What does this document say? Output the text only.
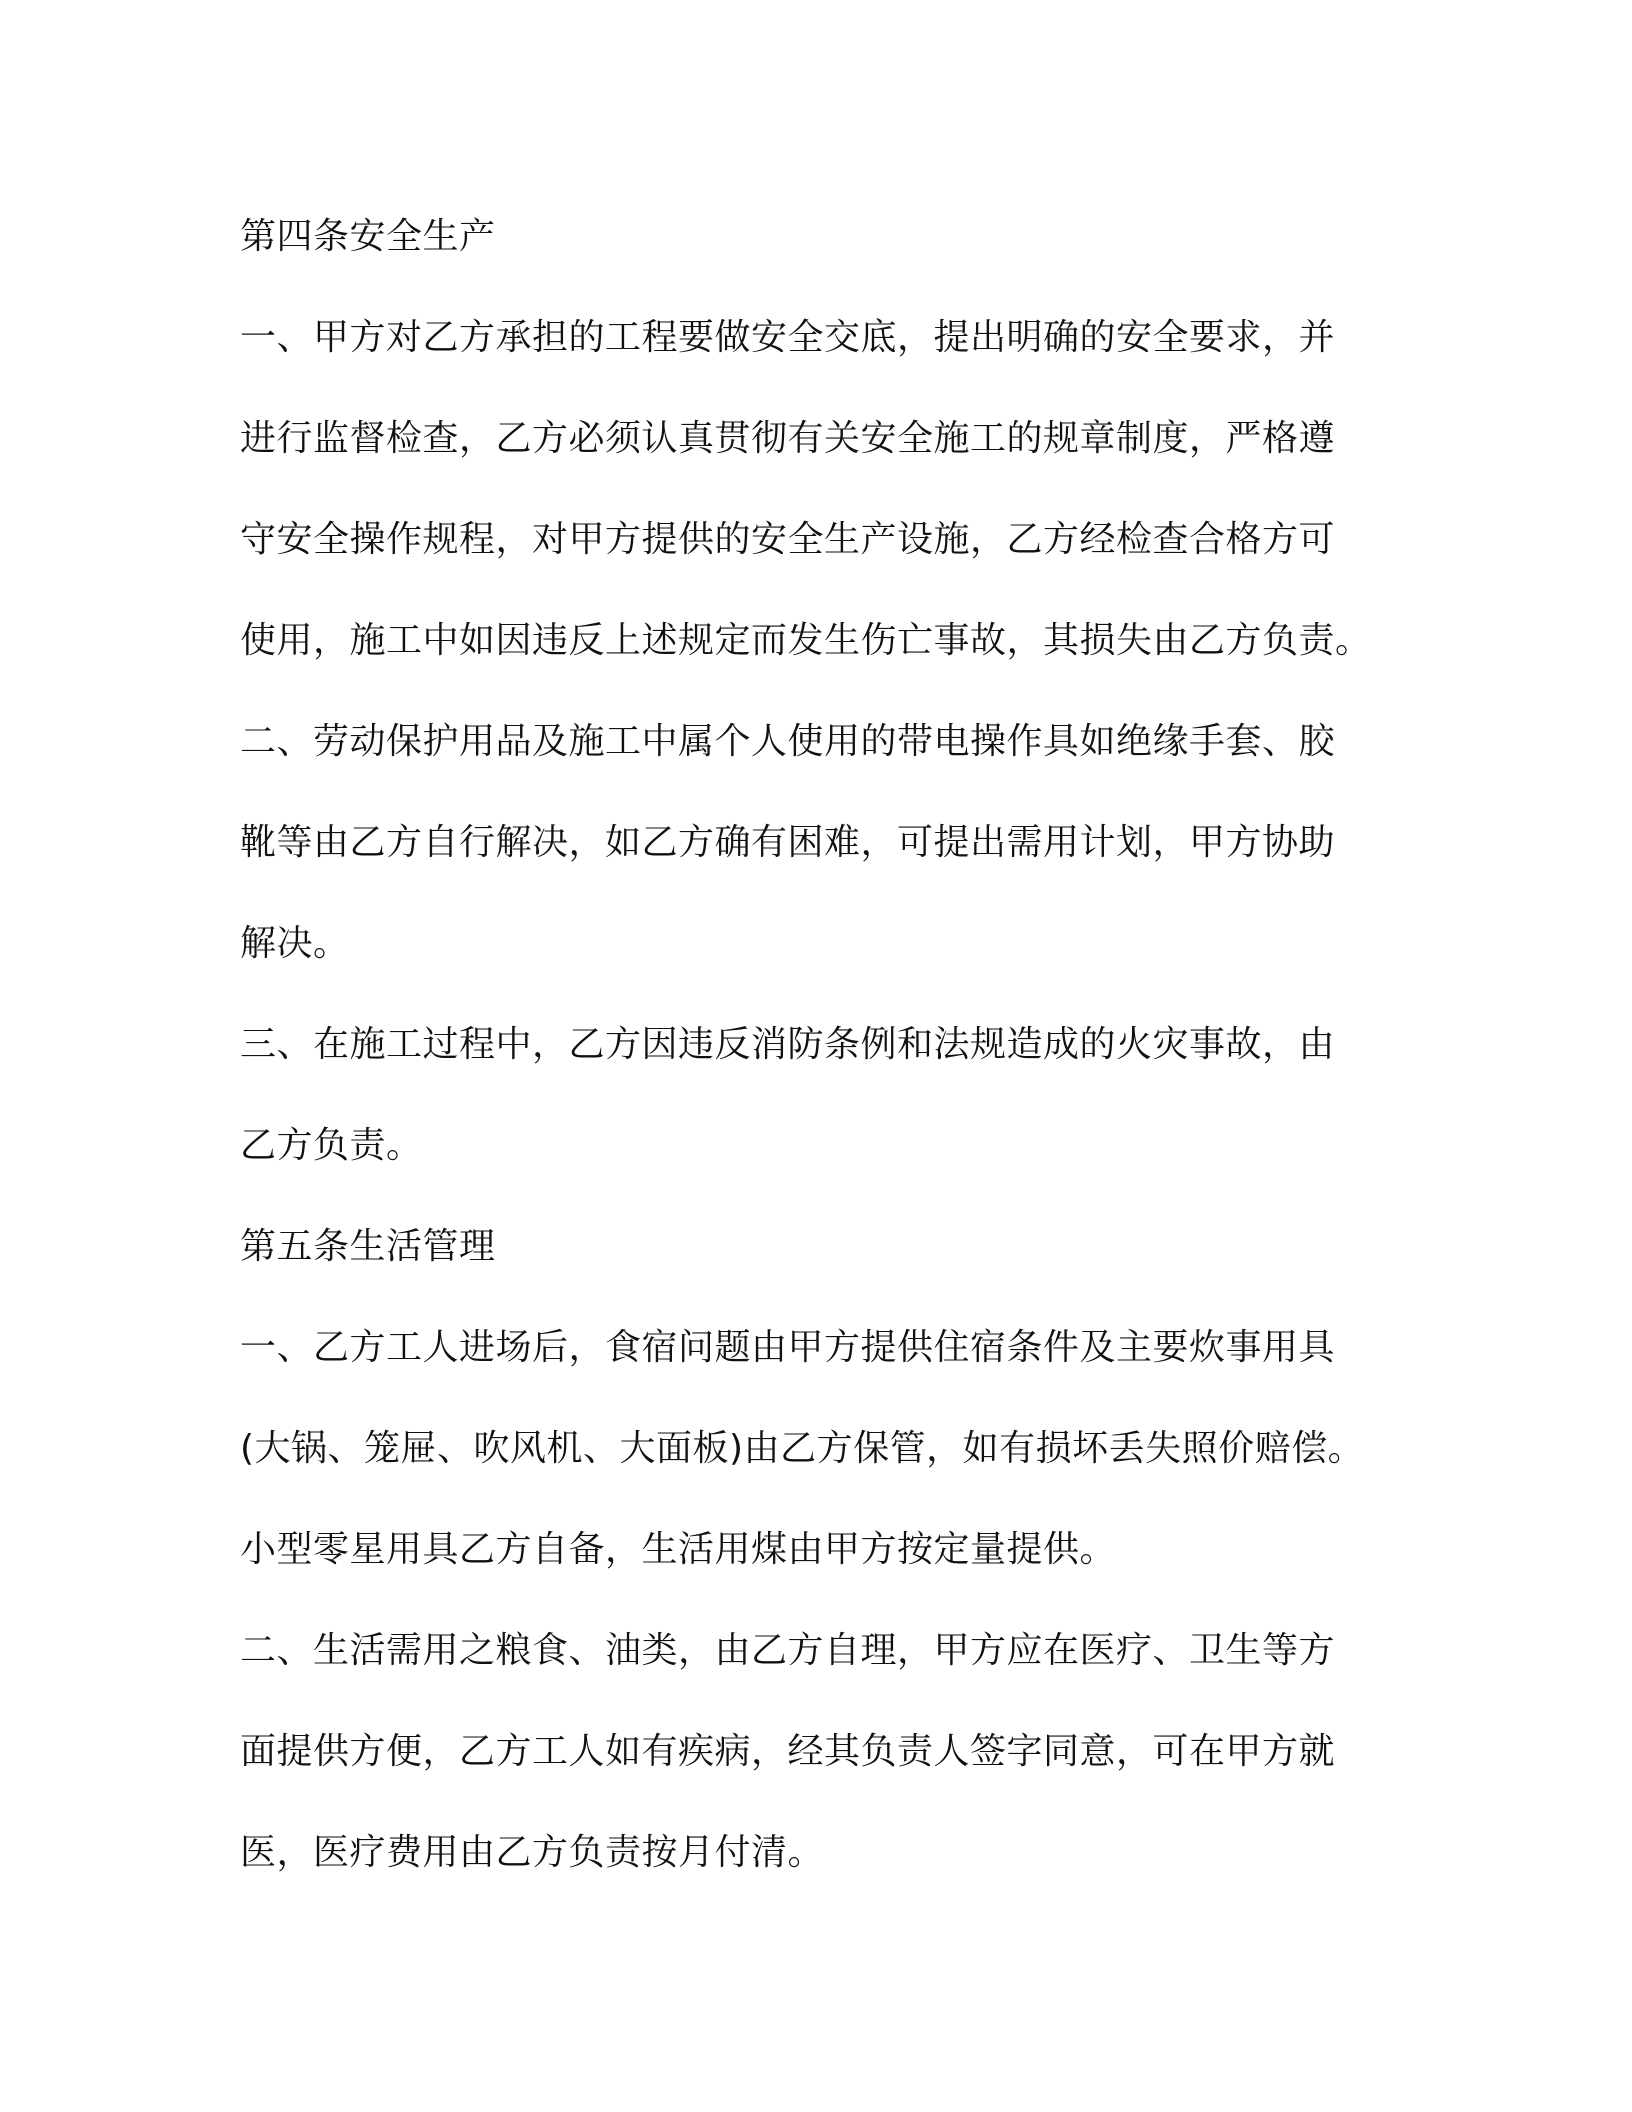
第四条安全生产
一、甲方对乙方承担的工程要做安全交底，提出明确的安全要求，并
进行监督检查，乙方必须认真贯彻有关安全施工的规章制度，严格遵
守安全操作规程，对甲方提供的安全生产设施，乙方经检查合格方可
使用，施工中如因违反上述规定而发生伤亡事故，其损失由乙方负责。
二、劳动保护用品及施工中属个人使用的带电操作具如绝缘手套、胶
靴等由乙方自行解决，如乙方确有困难，可提出需用计划，甲方协助
解决。
三、在施工过程中，乙方因违反消防条例和法规造成的火灾事故，由
乙方负责。
第五条生活管理
一、乙方工人进场后，食宿问题由甲方提供住宿条件及主要炊事用具
(大锅、笼屉、吹风机、大面板)由乙方保管，如有损坏丢失照价赔偿。
小型零星用具乙方自备，生活用煤由甲方按定量提供。
二、生活需用之粮食、油类，由乙方自理，甲方应在医疗、卫生等方
面提供方便，乙方工人如有疾病，经其负责人签字同意，可在甲方就
医，医疗费用由乙方负责按月付清。
